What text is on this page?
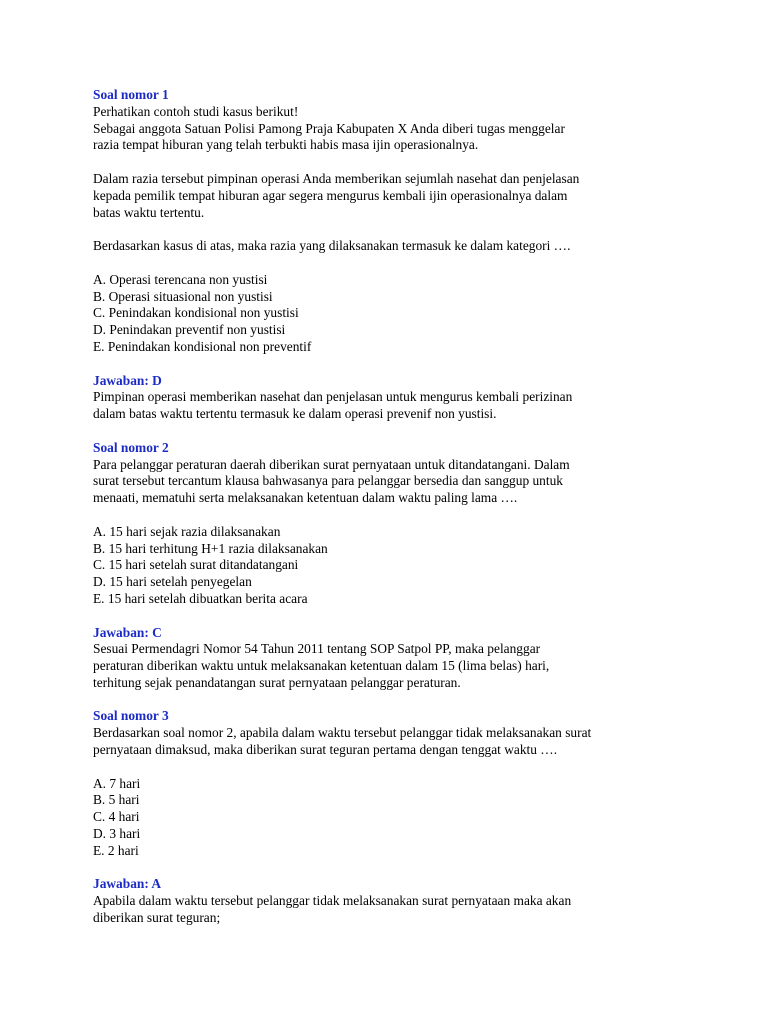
Soal nomor 1

Perhatikan contoh studi kasus berikut!

Sebagai anggota Satuan Polisi Pamong Praja Kabupaten X Anda diberi tugas menggelar

razia tempat hiburan yang telah terbukti habis masa ijin operasionalnya.

Dalam razia tersebut pimpinan operasi Anda memberikan sejumlah nasehat dan penjelasan

kepada pemilik tempat hiburan agar segera mengurus kembali ijin operasionalnya dalam

batas waktu tertentu.

Berdasarkan kasus di atas, maka razia yang dilaksanakan termasuk ke dalam kategori ….

A. Operasi terencana non yustisi

B. Operasi situasional non yustisi

C. Penindakan kondisional non yustisi

D. Penindakan preventif non yustisi

E. Penindakan kondisional non preventif

Jawaban: D

Pimpinan operasi memberikan nasehat dan penjelasan untuk mengurus kembali perizinan

dalam batas waktu tertentu termasuk ke dalam operasi prevenif non yustisi.

Soal nomor 2

Para pelanggar peraturan daerah diberikan surat pernyataan untuk ditandatangani. Dalam

surat tersebut tercantum klausa bahwasanya para pelanggar bersedia dan sanggup untuk

menaati, mematuhi serta melaksanakan ketentuan dalam waktu paling lama ….

A. 15 hari sejak razia dilaksanakan

B. 15 hari terhitung H+1 razia dilaksanakan

C. 15 hari setelah surat ditandatangani

D. 15 hari setelah penyegelan

E. 15 hari setelah dibuatkan berita acara

Jawaban: C

Sesuai Permendagri Nomor 54 Tahun 2011 tentang SOP Satpol PP, maka pelanggar

peraturan diberikan waktu untuk melaksanakan ketentuan dalam 15 (lima belas) hari,

terhitung sejak penandatangan surat pernyataan pelanggar peraturan.

Soal nomor 3

Berdasarkan soal nomor 2, apabila dalam waktu tersebut pelanggar tidak melaksanakan surat

pernyataan dimaksud, maka diberikan surat teguran pertama dengan tenggat waktu ….

A. 7 hari

B. 5 hari

C. 4 hari

D. 3 hari

E. 2 hari

Jawaban: A

Apabila dalam waktu tersebut pelanggar tidak melaksanakan surat pernyataan maka akan

diberikan surat teguran;
